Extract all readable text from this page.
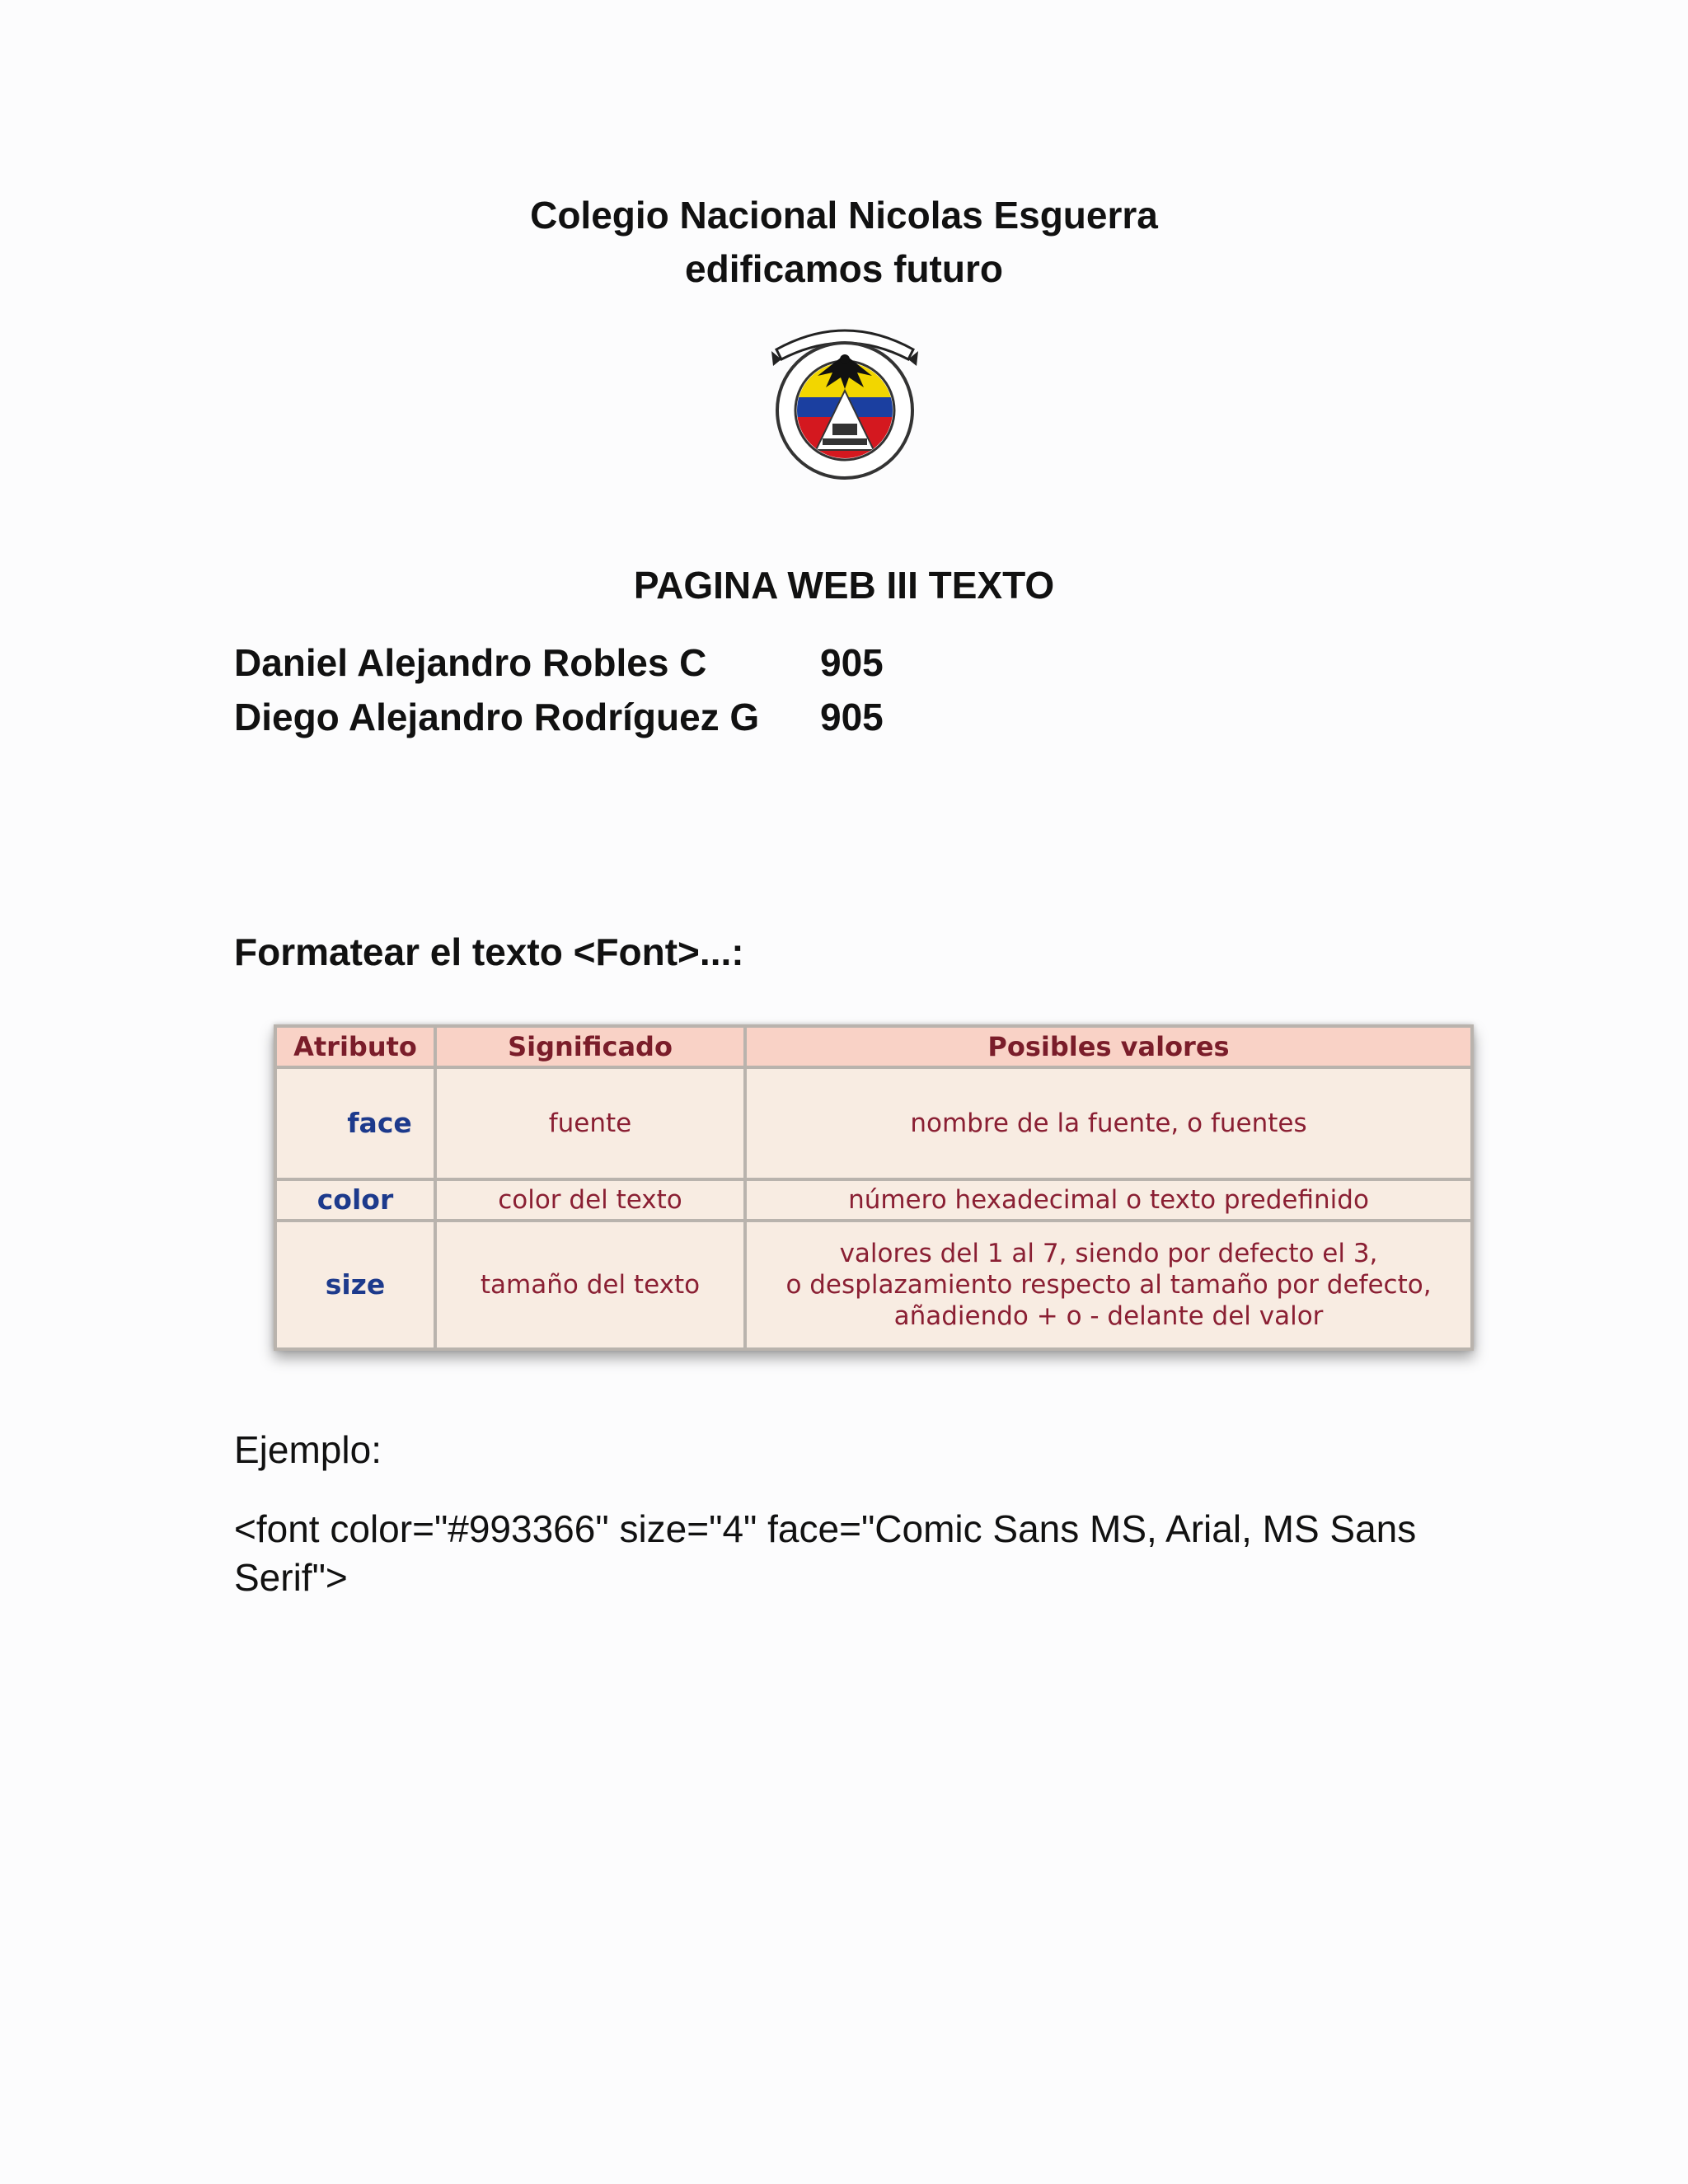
Colegio Nacional Nicolas Esguerra
edificamos futuro
PAGINA WEB III TEXTO
Daniel Alejandro Robles C	905
Diego Alejandro Rodríguez G 905
Formatear el texto <Font>...:
Atributo	Significado	Posibles valores
face	fuente	nombre de la fuente, o fuentes
color	color del texto	número hexadecimal o texto predefinido
size	tamaño del texto	valores del 1 al 7, siendo por defecto el 3,
o desplazamiento respecto al tamaño por defecto,
añadiendo + o - delante del valor
Ejemplo:
<font color="#993366" size="4" face="Comic Sans MS, Arial, MS Sans Serif">
